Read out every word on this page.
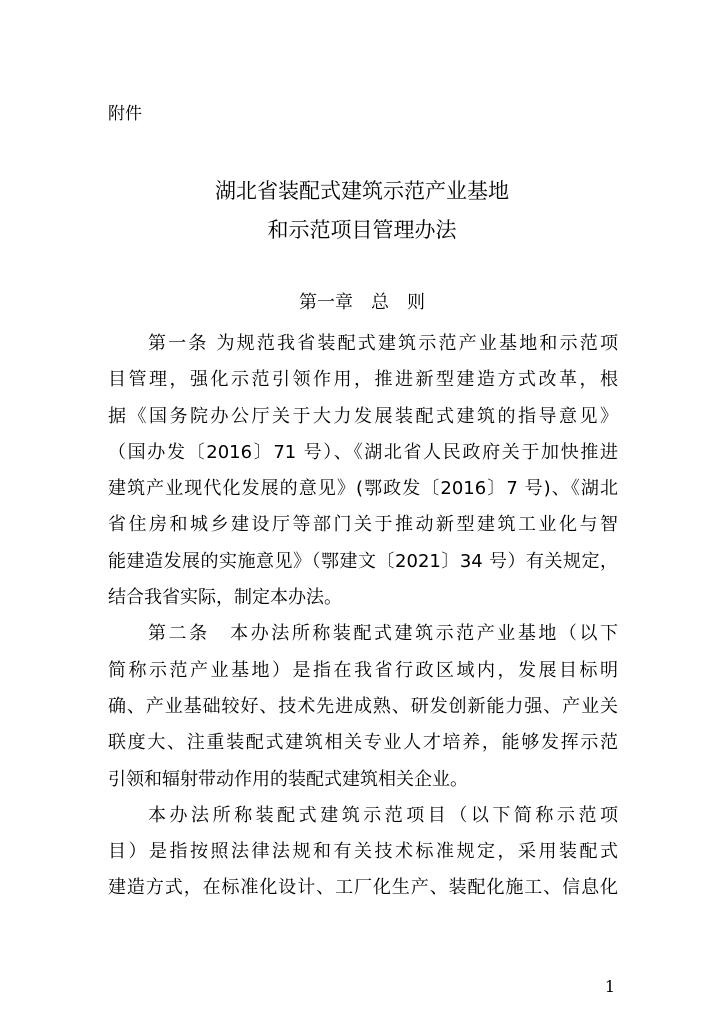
附件
湖北省装配式建筑示范产业基地
和示范项目管理办法
第一章　总　则
第一条 为规范我省装配式建筑示范产业基地和示范项
目管理，强化示范引领作用，推进新型建造方式改革，根
据《国务院办公厅关于大力发展装配式建筑的指导意见》
（国办发〔2016〕71 号）、《湖北省人民政府关于加快推进
建筑产业现代化发展的意见》(鄂政发〔2016〕7 号)、《湖北
省住房和城乡建设厅等部门关于推动新型建筑工业化与智
能建造发展的实施意见》（鄂建文〔2021〕34 号）有关规定，
结合我省实际，制定本办法。
第二条　本办法所称装配式建筑示范产业基地（以下
简称示范产业基地）是指在我省行政区域内，发展目标明
确、产业基础较好、技术先进成熟、研发创新能力强、产业关
联度大、注重装配式建筑相关专业人才培养，能够发挥示范
引领和辐射带动作用的装配式建筑相关企业。
本办法所称装配式建筑示范项目（以下简称示范项
目）是指按照法律法规和有关技术标准规定，采用装配式
建造方式，在标准化设计、工厂化生产、装配化施工、信息化
1
